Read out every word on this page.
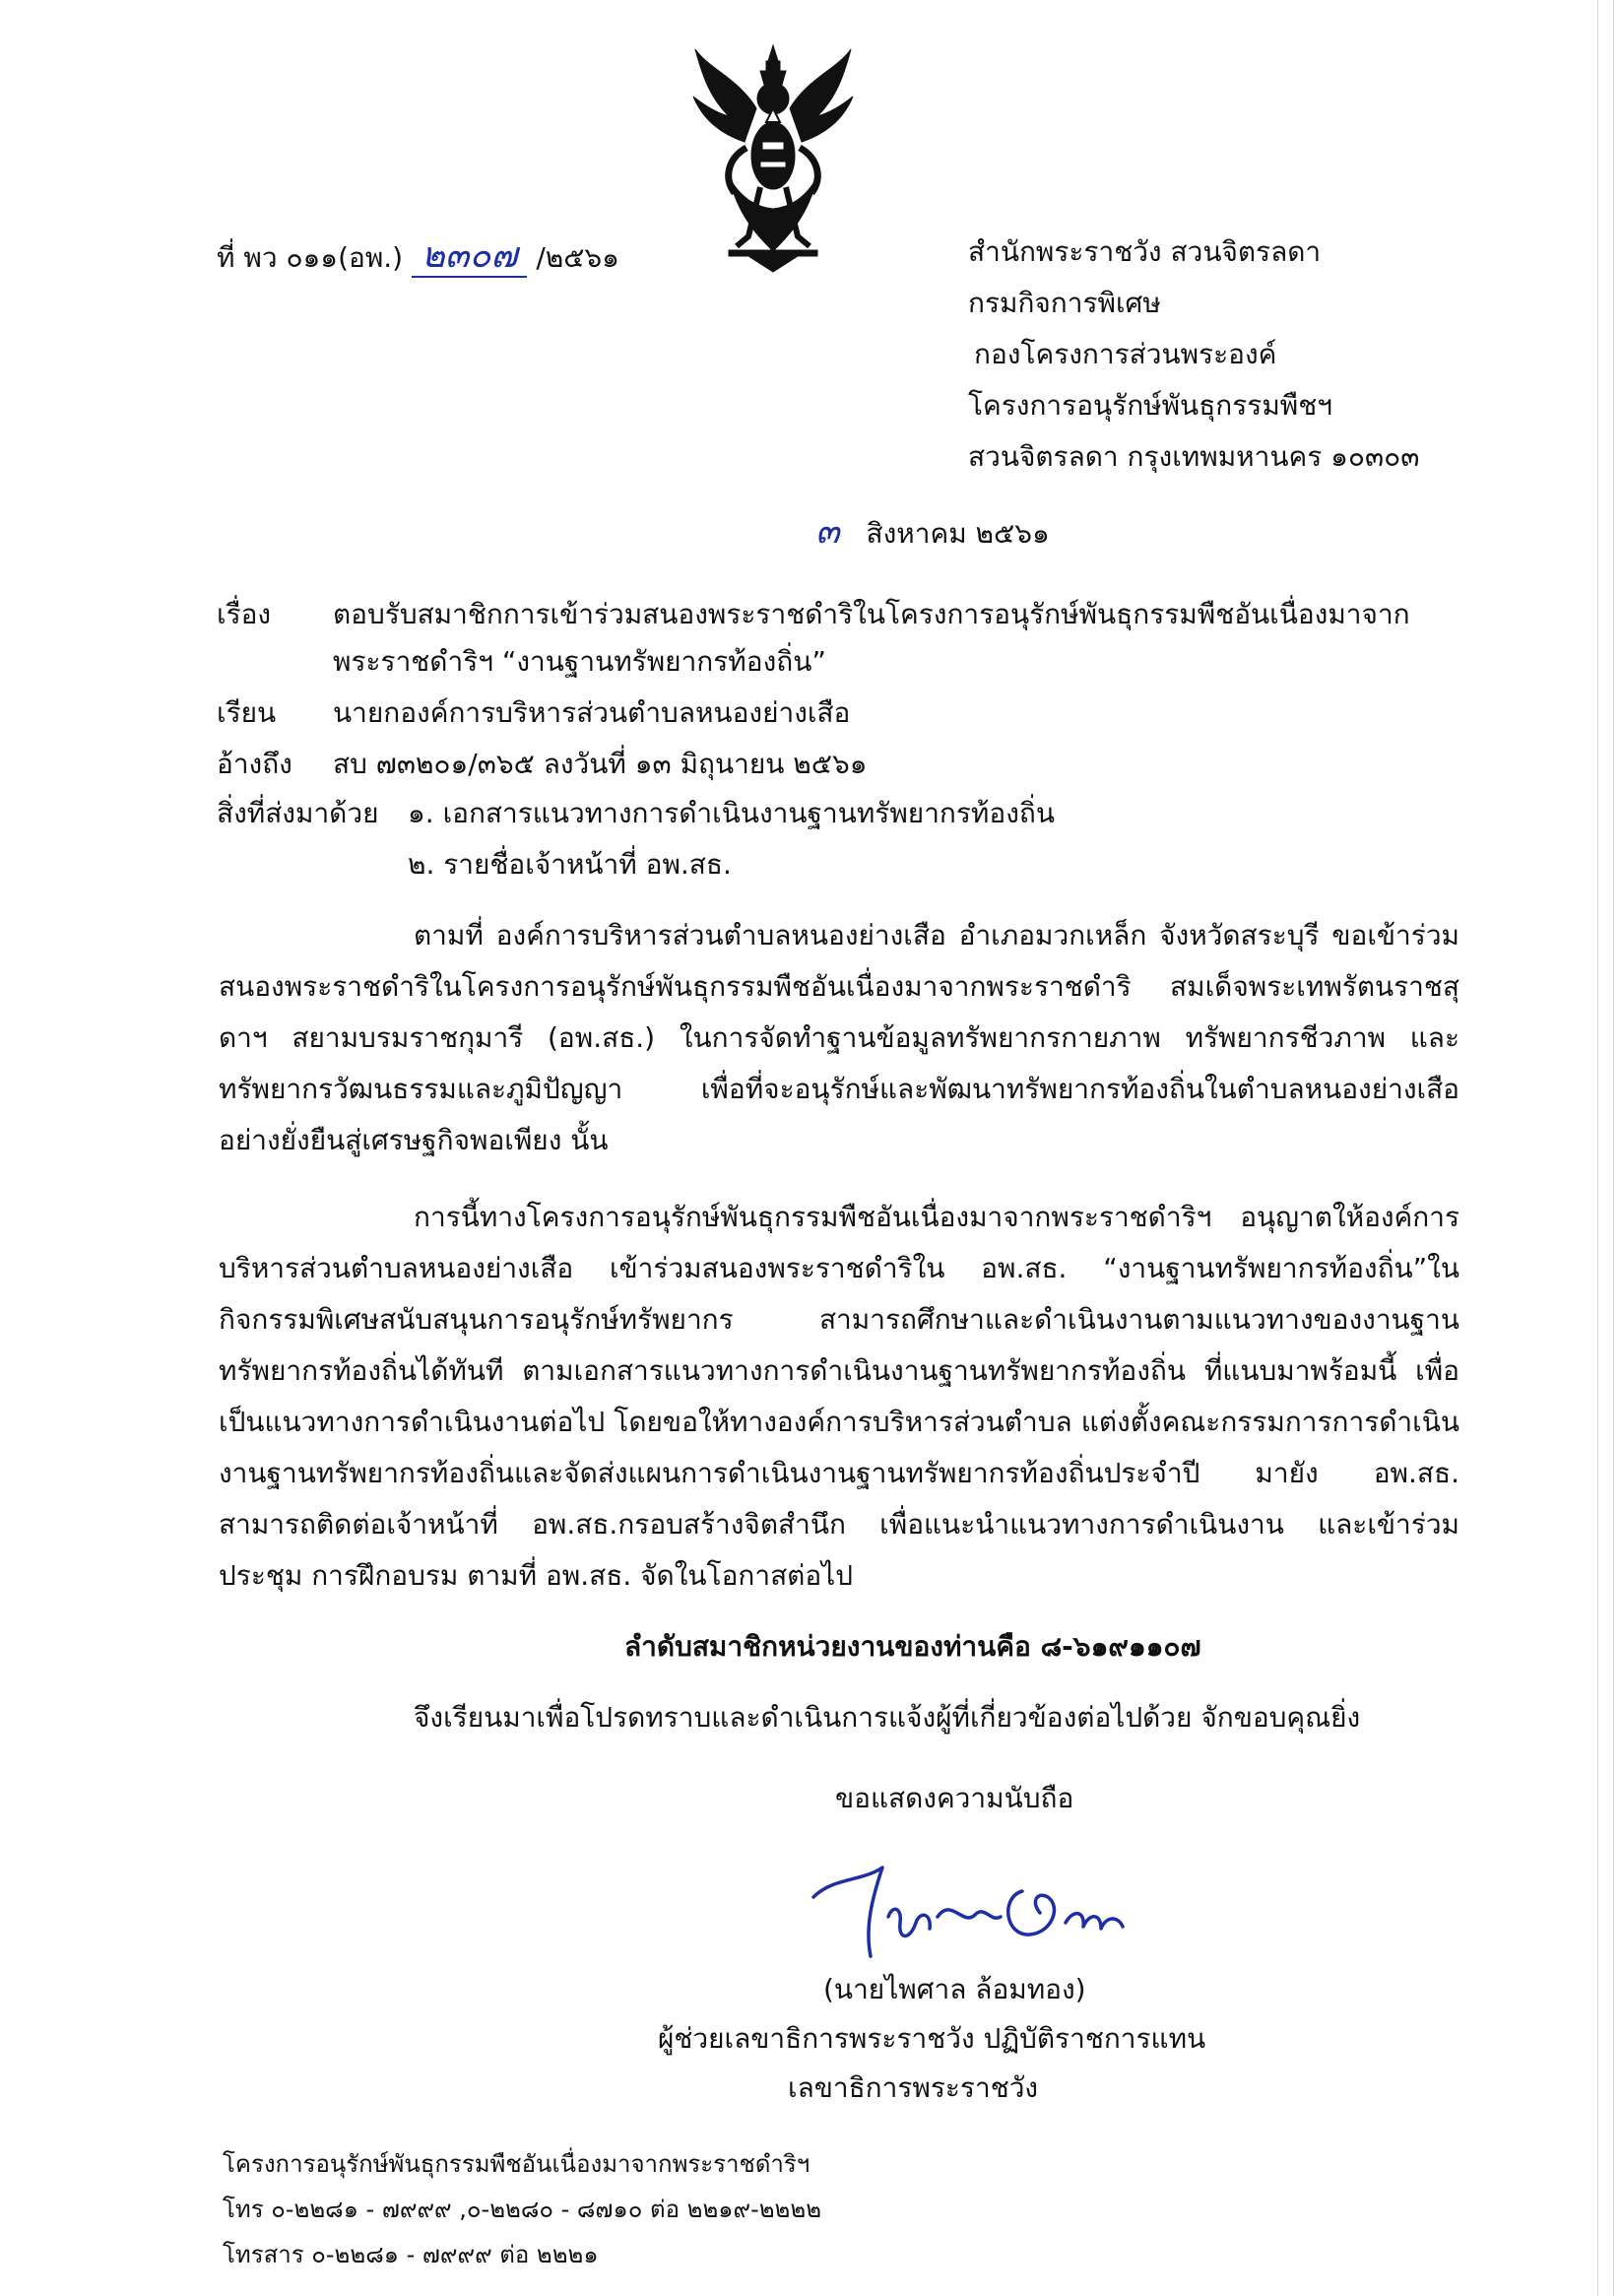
ที่ พว ๐๑๑(อพ.) ๒๓๐๗ /๒๕๖๑	สำนักพระราชวัง สวนจิตรลดา
กรมกิจการพิเศษ
กองโครงการส่วนพระองค์
โครงการอนุรักษ์พันธุกรรมพืชฯ
สวนจิตรลดา กรุงเทพมหานคร ๑๐๓๐๓
๓ สิงหาคม ๒๕๖๑
เรื่อง ตอบรับสมาชิกการเข้าร่วมสนองพระราชดำริในโครงการอนุรักษ์พันธุกรรมพืชอันเนื่องมาจาก
พระราชดำริฯ “งานฐานทรัพยากรท้องถิ่น”
เรียน นายกองค์การบริหารส่วนตำบลหนองย่างเสือ
อ้างถึง สบ ๗๓๒๐๑/๓๖๕ ลงวันที่ ๑๓ มิถุนายน ๒๕๖๑
สิ่งที่ส่งมาด้วย ๑. เอกสารแนวทางการดำเนินงานฐานทรัพยากรท้องถิ่น
๒. รายชื่อเจ้าหน้าที่ อพ.สธ.
ตามที่ องค์การบริหารส่วนตำบลหนองย่างเสือ อำเภอมวกเหล็ก จังหวัดสระบุรี ขอเข้าร่วมสนองพระราชดำริในโครงการอนุรักษ์พันธุกรรมพืชอันเนื่องมาจากพระราชดำริ สมเด็จพระเทพรัตนราชสุดาฯ สยามบรมราชกุมารี (อพ.สธ.) ในการจัดทำฐานข้อมูลทรัพยากรกายภาพ ทรัพยากรชีวภาพ และทรัพยากรวัฒนธรรมและภูมิปัญญา เพื่อที่จะอนุรักษ์และพัฒนาทรัพยากรท้องถิ่นในตำบลหนองย่างเสือ อย่างยั่งยืนสู่เศรษฐกิจพอเพียง นั้น
การนี้ทางโครงการอนุรักษ์พันธุกรรมพืชอันเนื่องมาจากพระราชดำริฯ อนุญาตให้องค์การบริหารส่วนตำบลหนองย่างเสือ เข้าร่วมสนองพระราชดำริใน อพ.สธ. “งานฐานทรัพยากรท้องถิ่น”ในกิจกรรมพิเศษสนับสนุนการอนุรักษ์ทรัพยากร สามารถศึกษาและดำเนินงานตามแนวทางของงานฐานทรัพยากรท้องถิ่นได้ทันที ตามเอกสารแนวทางการดำเนินงานฐานทรัพยากรท้องถิ่น ที่แนบมาพร้อมนี้ เพื่อเป็นแนวทางการดำเนินงานต่อไป โดยขอให้ทางองค์การบริหารส่วนตำบล แต่งตั้งคณะกรรมการการดำเนินงานฐานทรัพยากรท้องถิ่นและจัดส่งแผนการดำเนินงานฐานทรัพยากรท้องถิ่นประจำปี มายัง อพ.สธ. สามารถติดต่อเจ้าหน้าที่ อพ.สธ.กรอบสร้างจิตสำนึก เพื่อแนะนำแนวทางการดำเนินงาน และเข้าร่วมประชุม การฝึกอบรม ตามที่ อพ.สธ. จัดในโอกาสต่อไป
ลำดับสมาชิกหน่วยงานของท่านคือ ๘-๖๑๙๑๑๐๗
จึงเรียนมาเพื่อโปรดทราบและดำเนินการแจ้งผู้ที่เกี่ยวข้องต่อไปด้วย จักขอบคุณยิ่ง
ขอแสดงความนับถือ
(นายไพศาล ล้อมทอง)
ผู้ช่วยเลขาธิการพระราชวัง ปฏิบัติราชการแทน
เลขาธิการพระราชวัง
โครงการอนุรักษ์พันธุกรรมพืชอันเนื่องมาจากพระราชดำริฯ
โทร ๐-๒๒๘๑ - ๗๙๙๙ ,๐-๒๒๘๐ - ๘๗๑๐ ต่อ ๒๒๑๙-๒๒๒๒
โทรสาร ๐-๒๒๘๑ - ๗๙๙๙ ต่อ ๒๒๒๑
